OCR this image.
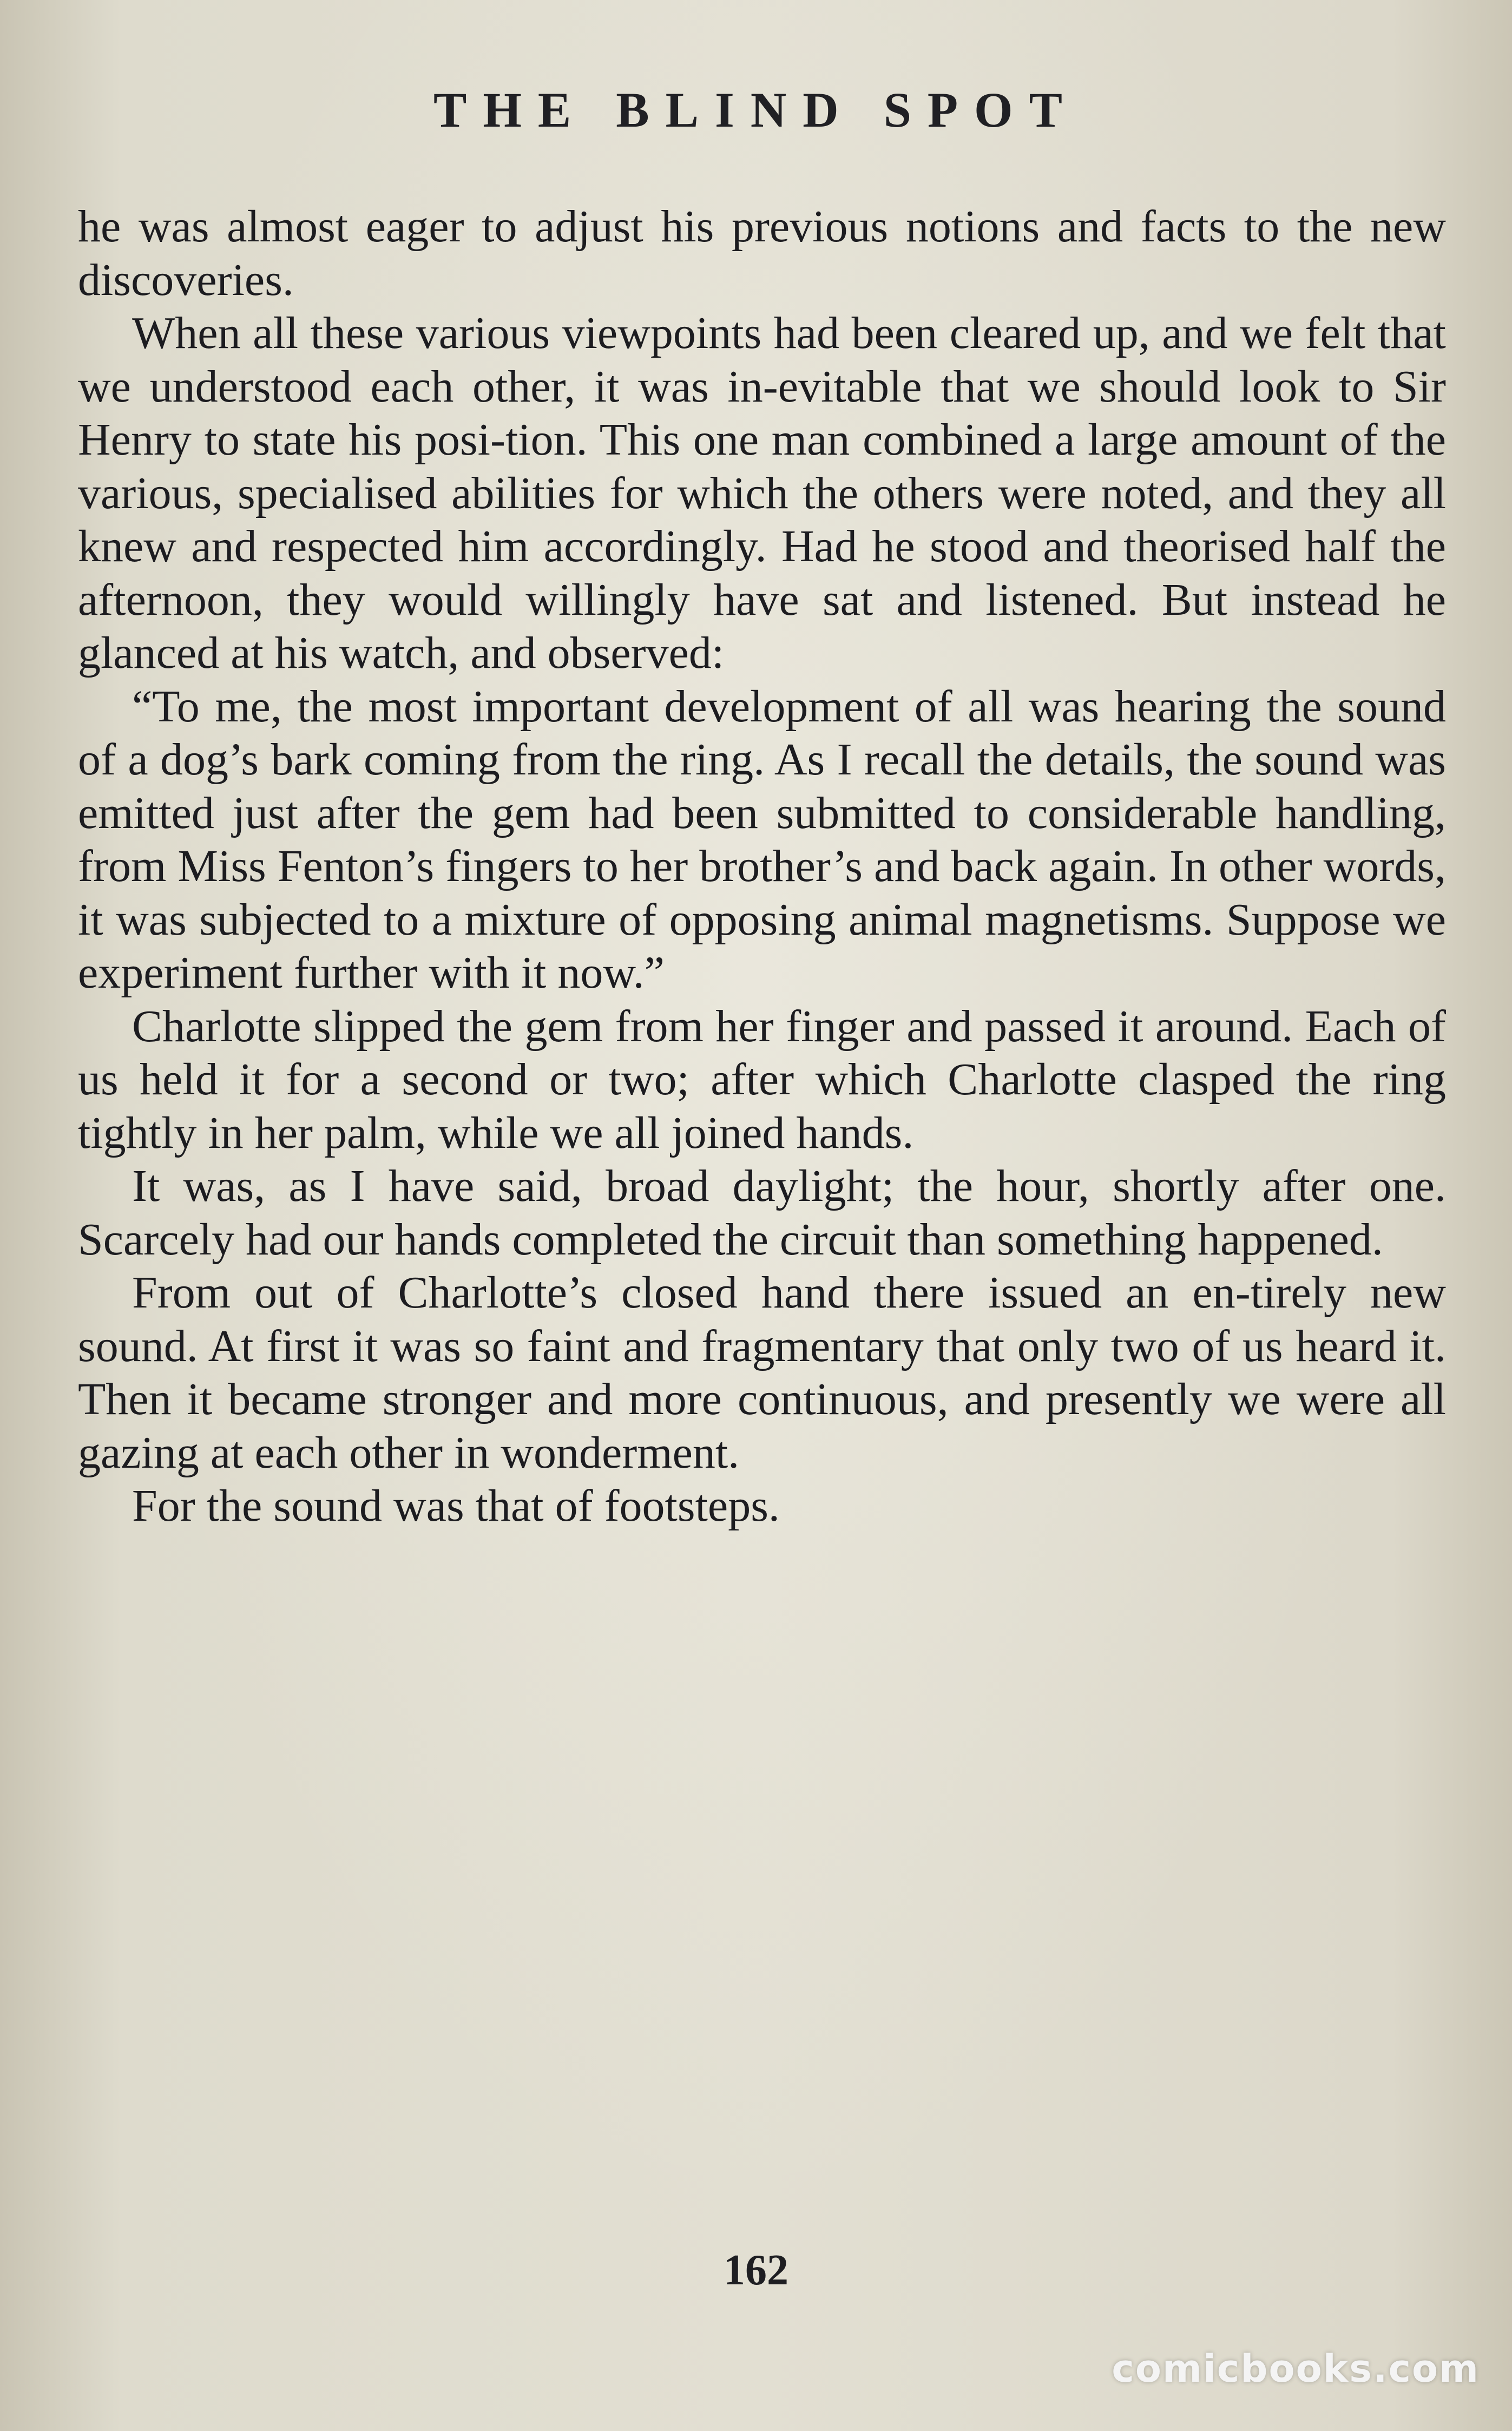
THE BLIND SPOT

he was almost eager to adjust his previous notions and facts to the new discoveries.

When all these various viewpoints had been cleared up, and we felt that we understood each other, it was in-evitable that we should look to Sir Henry to state his posi-tion. This one man combined a large amount of the various, specialised abilities for which the others were noted, and they all knew and respected him accordingly. Had he stood and theorised half the afternoon, they would willingly have sat and listened. But instead he glanced at his watch, and observed:

“To me, the most important development of all was hearing the sound of a dog’s bark coming from the ring. As I recall the details, the sound was emitted just after the gem had been submitted to considerable handling, from Miss Fenton’s fingers to her brother’s and back again. In other words, it was subjected to a mixture of opposing animal magnetisms. Suppose we experiment further with it now.”

Charlotte slipped the gem from her finger and passed it around. Each of us held it for a second or two; after which Charlotte clasped the ring tightly in her palm, while we all joined hands.

It was, as I have said, broad daylight; the hour, shortly after one. Scarcely had our hands completed the circuit than something happened.

From out of Charlotte’s closed hand there issued an en-tirely new sound. At first it was so faint and fragmentary that only two of us heard it. Then it became stronger and more continuous, and presently we were all gazing at each other in wonderment.

For the sound was that of footsteps.

162
comicbooks.com
